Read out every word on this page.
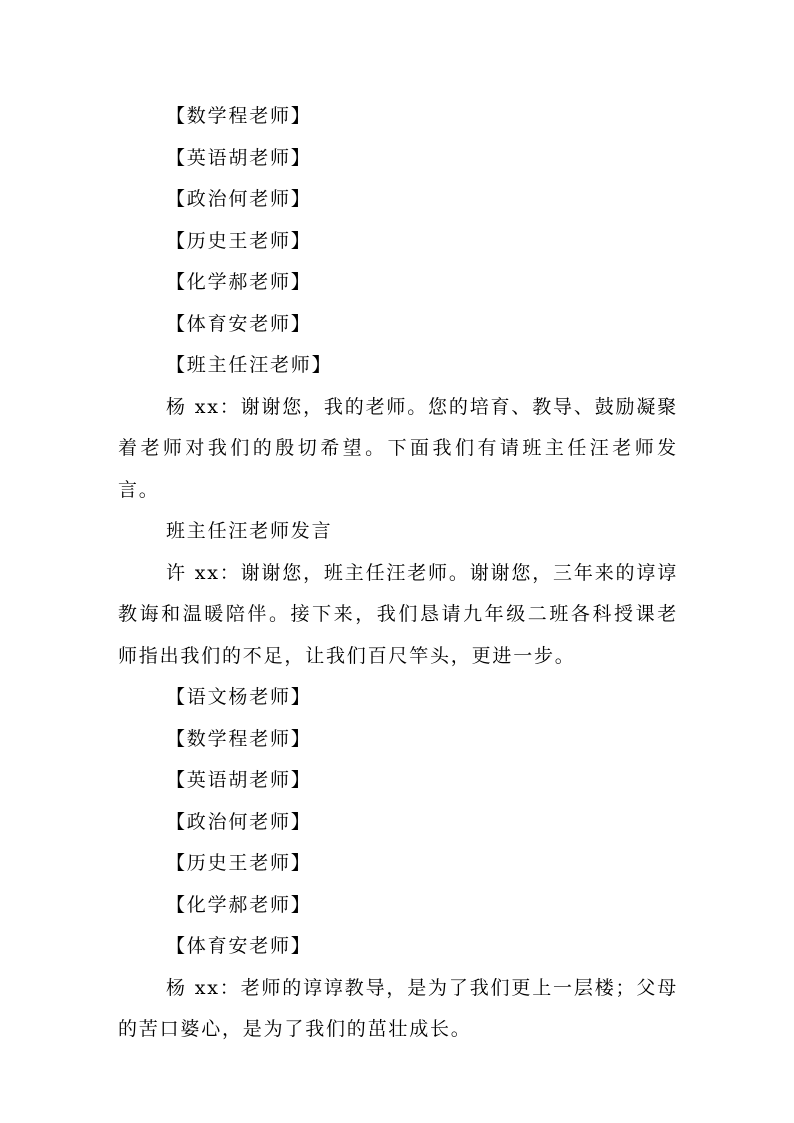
【数学程老师】
【英语胡老师】
【政治何老师】
【历史王老师】
【化学郝老师】
【体育安老师】
【班主任汪老师】

杨 xx：谢谢您，我的老师。您的培育、教导、鼓励凝聚着老师对我们的殷切希望。下面我们有请班主任汪老师发言。

班主任汪老师发言

许 xx：谢谢您，班主任汪老师。谢谢您，三年来的谆谆教诲和温暖陪伴。接下来，我们恳请九年级二班各科授课老师指出我们的不足，让我们百尺竿头，更进一步。

【语文杨老师】
【数学程老师】
【英语胡老师】
【政治何老师】
【历史王老师】
【化学郝老师】
【体育安老师】

杨 xx：老师的谆谆教导，是为了我们更上一层楼；父母的苦口婆心，是为了我们的茁壮成长。
